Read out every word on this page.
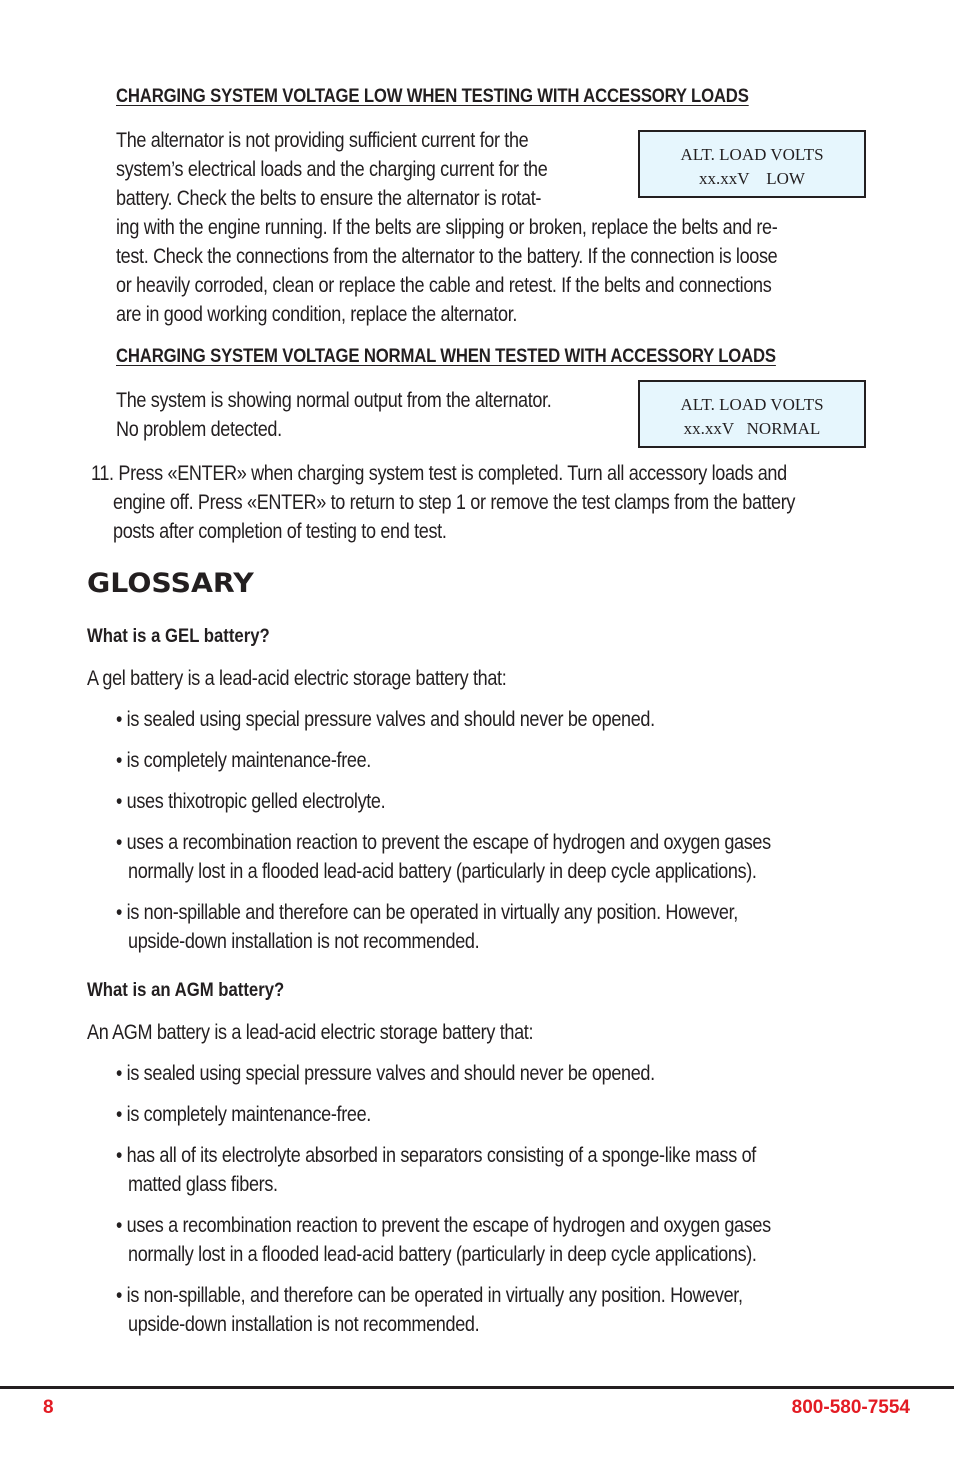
CHARGING SYSTEM VOLTAGE LOW WHEN TESTING WITH ACCESSORY LOADS
ALT. LOAD VOLTS
xx.xxV    LOW
The alternator is not providing sufficient current for the
system’s electrical loads and the charging current for the
battery. Check the belts to ensure the alternator is rotat-
ing with the engine running. If the belts are slipping or broken, replace the belts and re-
test. Check the connections from the alternator to the battery. If the connection is loose
or heavily corroded, clean or replace the cable and retest. If the belts and connections
are in good working condition, replace the alternator.
CHARGING SYSTEM VOLTAGE NORMAL WHEN TESTED WITH ACCESSORY LOADS
ALT. LOAD VOLTS
xx.xxV   NORMAL
The system is showing normal output from the alternator.
No problem detected.
11. Press «ENTER» when charging system test is completed. Turn all accessory loads and
engine off. Press «ENTER» to return to step 1 or remove the test clamps from the battery
posts after completion of testing to end test.
GLOSSARY
What is a GEL battery?
A gel battery is a lead-acid electric storage battery that:
• is sealed using special pressure valves and should never be opened.
• is completely maintenance-free.
• uses thixotropic gelled electrolyte.
• uses a recombination reaction to prevent the escape of hydrogen and oxygen gases
normally lost in a flooded lead-acid battery (particularly in deep cycle applications).
• is non-spillable and therefore can be operated in virtually any position. However,
upside-down installation is not recommended.
What is an AGM battery?
An AGM battery is a lead-acid electric storage battery that:
• is sealed using special pressure valves and should never be opened.
• is completely maintenance-free.
• has all of its electrolyte absorbed in separators consisting of a sponge-like mass of
matted glass fibers.
• uses a recombination reaction to prevent the escape of hydrogen and oxygen gases
normally lost in a flooded lead-acid battery (particularly in deep cycle applications).
• is non-spillable, and therefore can be operated in virtually any position. However,
upside-down installation is not recommended.
8	800-580-7554
